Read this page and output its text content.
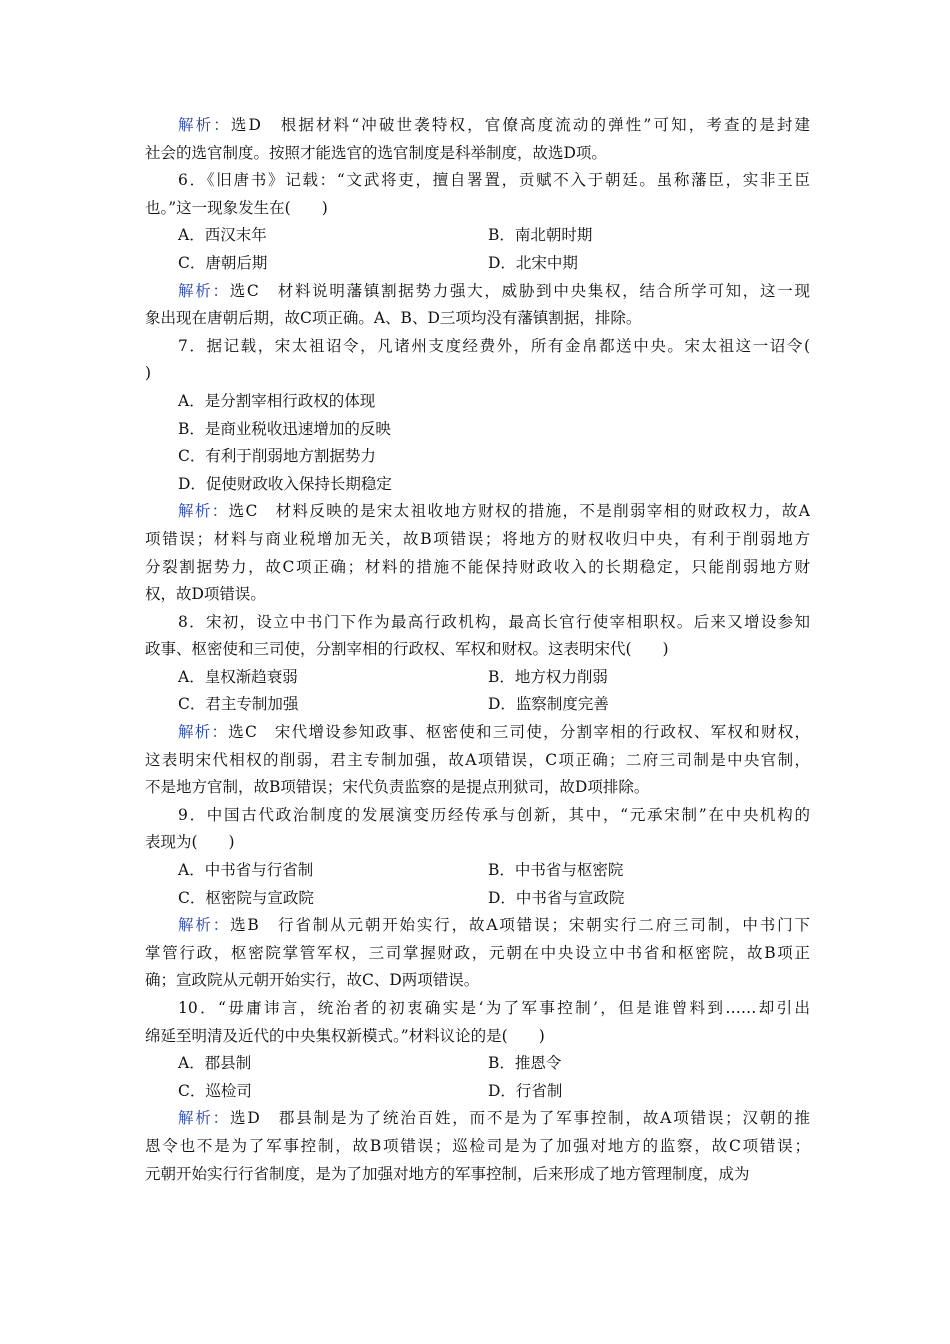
解析：选D　根据材料“冲破世袭特权，官僚高度流动的弹性”可知，考查的是封建
社会的选官制度。按照才能选官的选官制度是科举制度，故选D项。
6．《旧唐书》记载：“文武将吏，擅自署置，贡赋不入于朝廷。虽称藩臣，实非王臣
也。”这一现象发生在(　　)
A．西汉末年	B．南北朝时期
C．唐朝后期	D．北宋中期
解析：选C　材料说明藩镇割据势力强大，威胁到中央集权，结合所学可知，这一现
象出现在唐朝后期，故C项正确。A、B、D三项均没有藩镇割据，排除。
7．据记载，宋太祖诏令，凡诸州支度经费外，所有金帛都送中央。宋太祖这一诏令(
)
A．是分割宰相行政权的体现
B．是商业税收迅速增加的反映
C．有利于削弱地方割据势力
D．促使财政收入保持长期稳定
解析：选C　材料反映的是宋太祖收地方财权的措施，不是削弱宰相的财政权力，故A
项错误；材料与商业税增加无关，故B项错误；将地方的财权收归中央，有利于削弱地方
分裂割据势力，故C项正确；材料的措施不能保持财政收入的长期稳定，只能削弱地方财
权，故D项错误。
8．宋初，设立中书门下作为最高行政机构，最高长官行使宰相职权。后来又增设参知
政事、枢密使和三司使，分割宰相的行政权、军权和财权。这表明宋代(　　)
A．皇权渐趋衰弱	B．地方权力削弱
C．君主专制加强	D．监察制度完善
解析：选C　宋代增设参知政事、枢密使和三司使，分割宰相的行政权、军权和财权，
这表明宋代相权的削弱，君主专制加强，故A项错误，C项正确；二府三司制是中央官制，
不是地方官制，故B项错误；宋代负责监察的是提点刑狱司，故D项排除。
9．中国古代政治制度的发展演变历经传承与创新，其中，“元承宋制”在中央机构的
表现为(　　)
A．中书省与行省制	B．中书省与枢密院
C．枢密院与宣政院	D．中书省与宣政院
解析：选B　行省制从元朝开始实行，故A项错误；宋朝实行二府三司制，中书门下
掌管行政，枢密院掌管军权，三司掌握财政，元朝在中央设立中书省和枢密院，故B项正
确；宣政院从元朝开始实行，故C、D两项错误。
10．“毋庸讳言，统治者的初衷确实是‘为了军事控制’，但是谁曾料到……却引出
绵延至明清及近代的中央集权新模式。”材料议论的是(　　)
A．郡县制	B．推恩令
C．巡检司	D．行省制
解析：选D　郡县制是为了统治百姓，而不是为了军事控制，故A项错误；汉朝的推
恩令也不是为了军事控制，故B项错误；巡检司是为了加强对地方的监察，故C项错误；
元朝开始实行行省制度，是为了加强对地方的军事控制，后来形成了地方管理制度，成为
